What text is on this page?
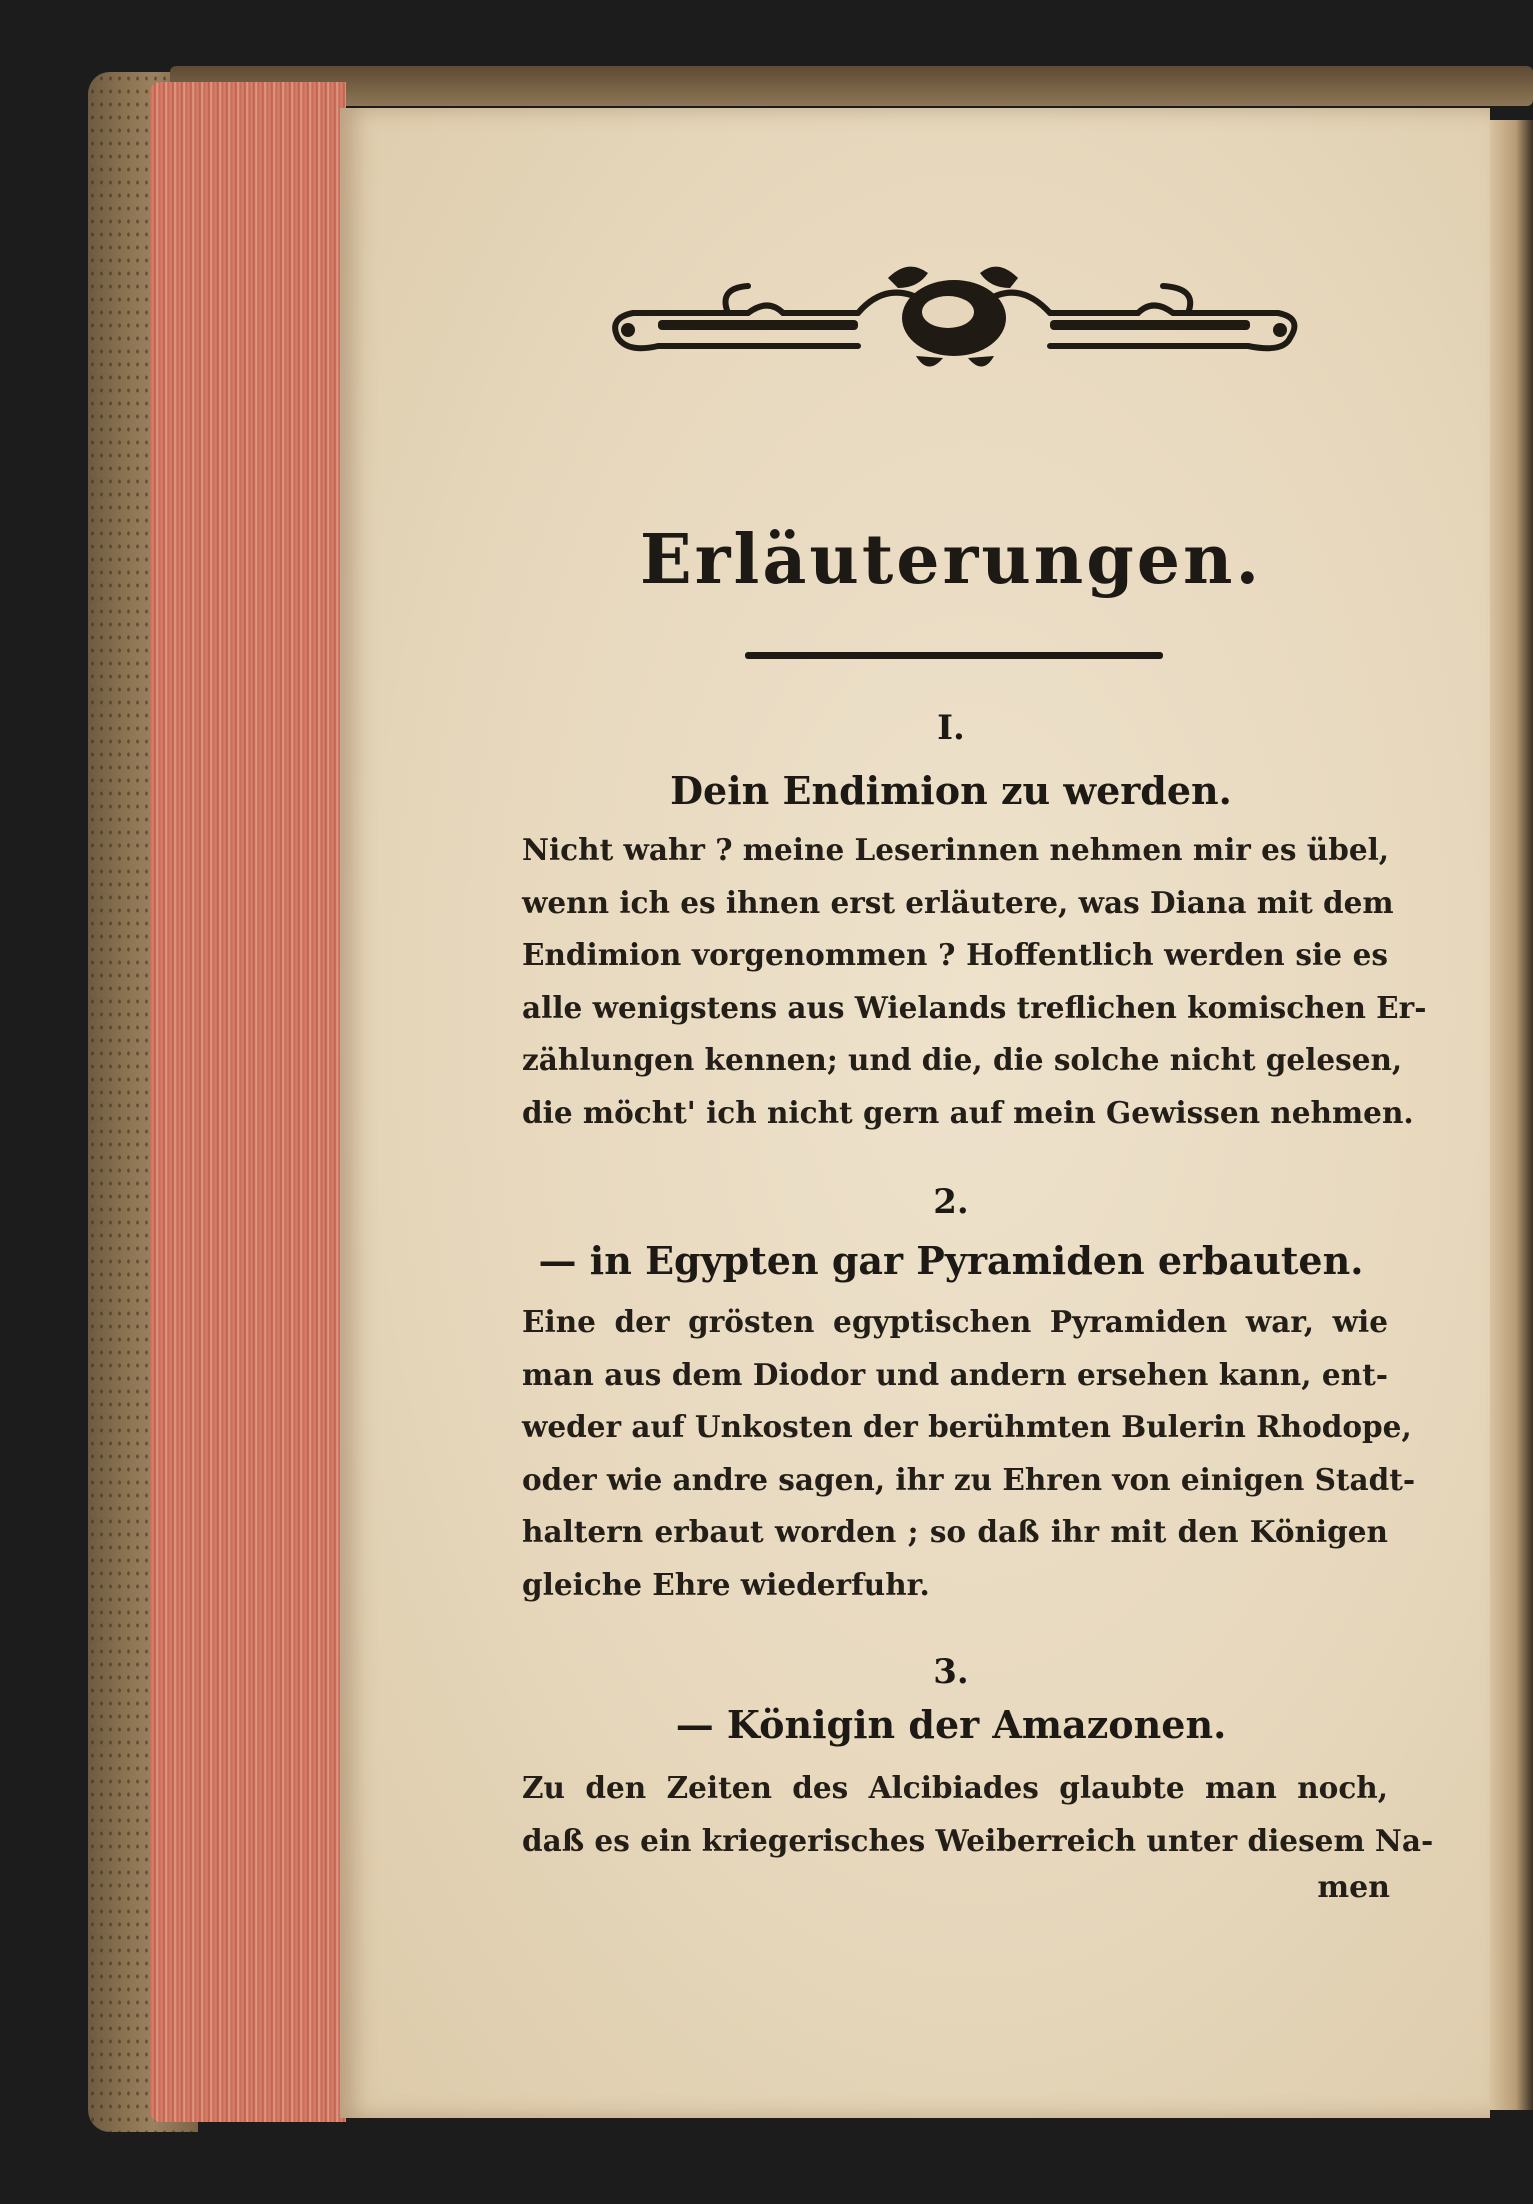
Erläuterungen.
I.
Dein Endimion zu werden.

Nicht wahr ? meine Leserinnen nehmen mir es übel,
wenn ich es ihnen erst erläutere, was Diana mit dem
Endimion vorgenommen ? Hoffentlich werden sie es
alle wenigstens aus Wielands treflichen komischen Er-
zählungen kennen; und die, die solche nicht gelesen,
die möcht' ich nicht gern auf mein Gewissen nehmen.

2.
— in Egypten gar Pyramiden erbauten.

Eine der grösten egyptischen Pyramiden war, wie
man aus dem Diodor und andern ersehen kann, ent-
weder auf Unkosten der berühmten Bulerin Rhodope,
oder wie andre sagen, ihr zu Ehren von einigen Stadt-
haltern erbaut worden ; so daß ihr mit den Königen
gleiche Ehre wiederfuhr.

3.
— Königin der Amazonen.

Zu den Zeiten des Alcibiades glaubte man noch,
daß es ein kriegerisches Weiberreich unter diesem Na-

men
